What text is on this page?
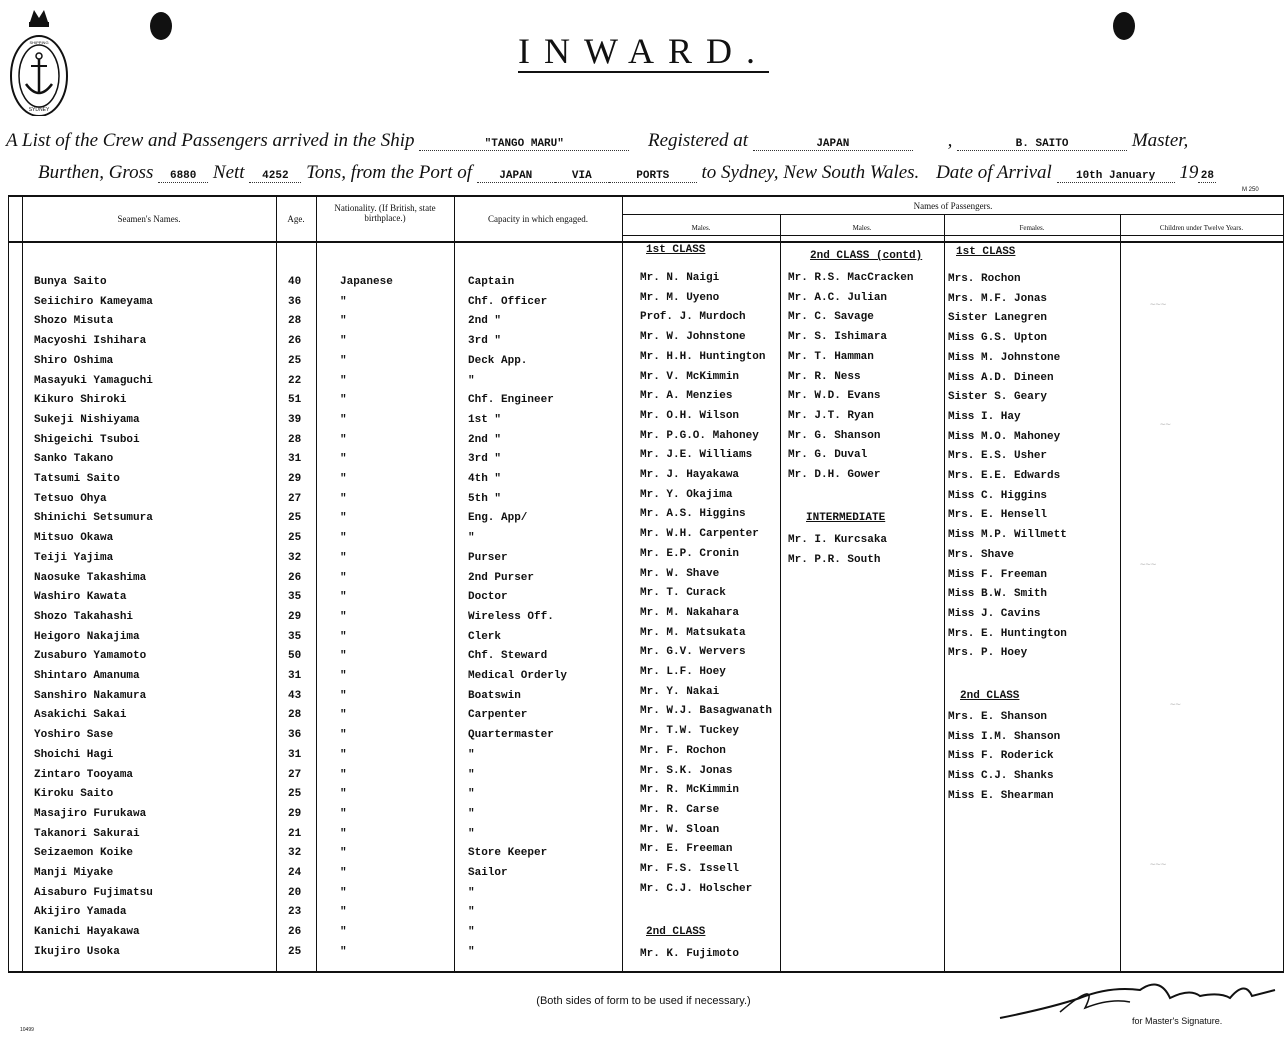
SHIPPING
SYDNEY
INWARD.
A List of the Crew and Passengers arrived in the Ship	"TANGO MARU"	Registered at	JAPAN	,	B. SAITO	Master,
Burthen, Gross 6880 Nett 4252 Tons, from the Port of JAPAN	VIA	PORTS to Sydney, New South Wales. Date of Arrival 10th January 19 28
M 250
Seamen's Names.	Age.
Nationality. (If British, state birthplace.)	Capacity in which engaged.
Names of Passengers.
Males.	Males.	Females.	Children under Twelve Years.
Bunya Saito	40	Japanese	Captain
Seiichiro Kameyama	36	"	Chf. Officer
Shozo Misuta	28	"	2nd "
Macyoshi Ishihara	26	"	3rd "
Shiro Oshima	25	"	Deck App.
Masayuki Yamaguchi	22	"	"
Kikuro Shiroki	51	"	Chf. Engineer
Sukeji Nishiyama	39	"	1st "
Shigeichi Tsuboi	28	"	2nd "
Sanko Takano	31	"	3rd "
Tatsumi Saito	29	"	4th "
Tetsuo Ohya	27	"	5th "
Shinichi Setsumura	25	"	Eng. App/
Mitsuo Okawa	25	"	"
Teiji Yajima	32	"	Purser
Naosuke Takashima	26	"	2nd Purser
Washiro Kawata	35	"	Doctor
Shozo Takahashi	29	"	Wireless Off.
Heigoro Nakajima	35	"	Clerk
Zusaburo Yamamoto	50	"	Chf. Steward
Shintaro Amanuma	31	"	Medical Orderly
Sanshiro Nakamura	43	"	Boatswin
Asakichi Sakai	28	"	Carpenter
Yoshiro Sase	36	"	Quartermaster
Shoichi Hagi	31	"	"
Zintaro Tooyama	27	"	"
Kiroku Saito	25	"	"
Masajiro Furukawa	29	"	"
Takanori Sakurai	21	"	"
Seizaemon Koike	32	"	Store Keeper
Manji Miyake	24	"	Sailor
Aisaburo Fujimatsu	20	"	"
Akijiro Yamada	23	"	"
Kanichi Hayakawa	26	"	"
Ikujiro Usoka	25	"	"
1st CLASS
Mr. N. Naigi
Mr. M. Uyeno
Prof. J. Murdoch
Mr. W. Johnstone
Mr. H.H. Huntington
Mr. V. McKimmin
Mr. A. Menzies
Mr. O.H. Wilson
Mr. P.G.O. Mahoney
Mr. J.E. Williams
Mr. J. Hayakawa
Mr. Y. Okajima
Mr. A.S. Higgins
Mr. W.H. Carpenter
Mr. E.P. Cronin
Mr. W. Shave
Mr. T. Curack
Mr. M. Nakahara
Mr. M. Matsukata
Mr. G.V. Wervers
Mr. L.F. Hoey
Mr. Y. Nakai
Mr. W.J. Basagwanath
Mr. T.W. Tuckey
Mr. F. Rochon
Mr. S.K. Jonas
Mr. R. McKimmin
Mr. R. Carse
Mr. W. Sloan
Mr. E. Freeman
Mr. F.S. Issell
Mr. C.J. Holscher
2nd CLASS
Mr. K. Fujimoto
2nd CLASS (contd)
Mr. R.S. MacCracken
Mr. A.C. Julian
Mr. C. Savage
Mr. S. Ishimara
Mr. T. Hamman
Mr. R. Ness
Mr. W.D. Evans
Mr. J.T. Ryan
Mr. G. Shanson
Mr. G. Duval
Mr. D.H. Gower
INTERMEDIATE
Mr. I. Kurcsaka
Mr. P.R. South
1st CLASS
Mrs. Rochon
Mrs. M.F. Jonas
Sister Lanegren
Miss G.S. Upton
Miss M. Johnstone
Miss A.D. Dineen
Sister S. Geary
Miss I. Hay
Miss M.O. Mahoney
Mrs. E.S. Usher
Mrs. E.E. Edwards
Miss C. Higgins
Mrs. E. Hensell
Miss M.P. Willmett
Mrs. Shave
Miss F. Freeman
Miss B.W. Smith
Miss J. Cavins
Mrs. E. Huntington
Mrs. P. Hoey
2nd CLASS
Mrs. E. Shanson
Miss I.M. Shanson
Miss F. Roderick
Miss C.J. Shanks
Miss E. Shearman
∼∼∼
∼∼
∼∼∼
∼∼
∼∼∼
(Both sides of form to be used if necessary.)
for Master's Signature.
10499
